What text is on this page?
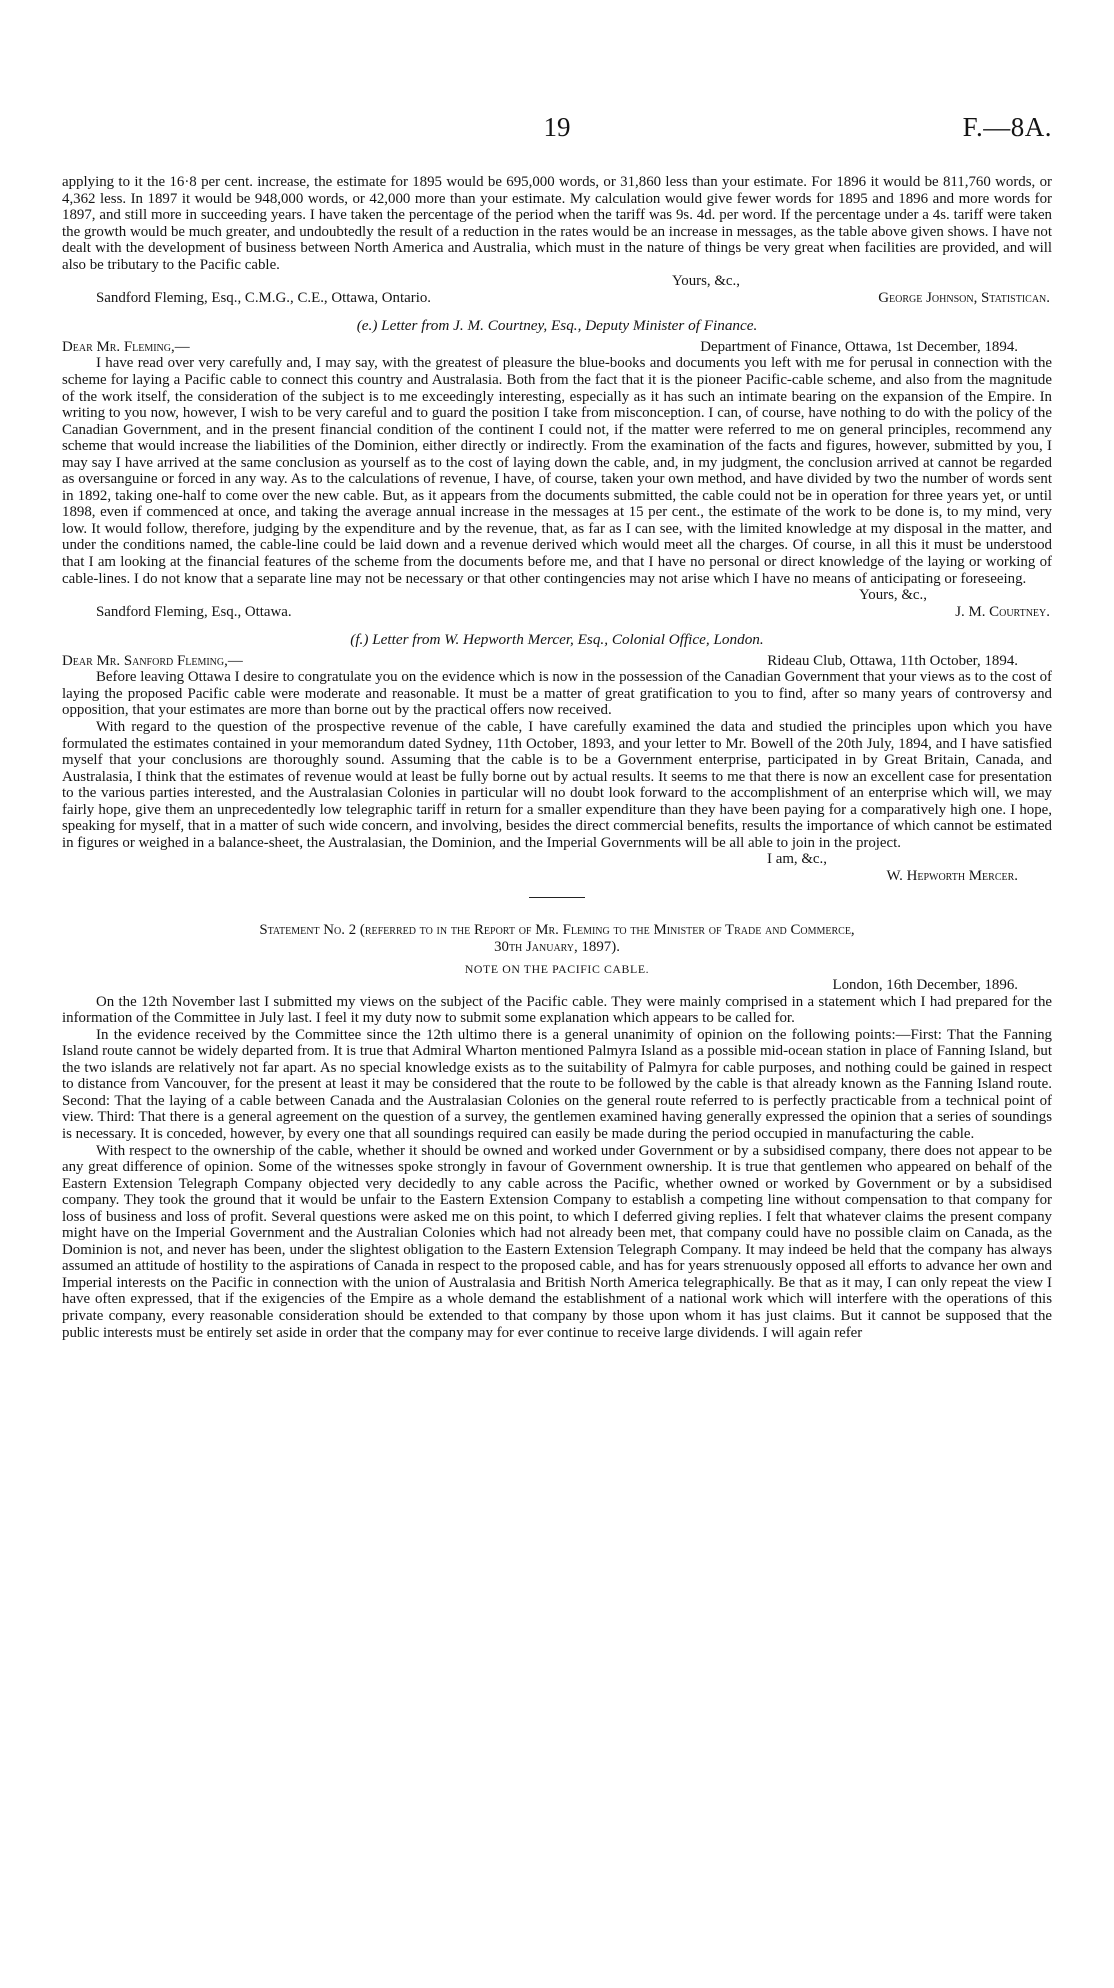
19	F.—8A.

applying to it the 16·8 per cent. increase, the estimate for 1895 would be 695,000 words, or 31,860 less than your estimate. For 1896 it would be 811,760 words, or 4,362 less. In 1897 it would be 948,000 words, or 42,000 more than your estimate. My calculation would give fewer words for 1895 and 1896 and more words for 1897, and still more in succeeding years. I have taken the percentage of the period when the tariff was 9s. 4d. per word. If the percentage under a 4s. tariff were taken the growth would be much greater, and undoubtedly the result of a reduction in the rates would be an increase in messages, as the table above given shows. I have not dealt with the development of business between North America and Australia, which must in the nature of things be very great when facilities are provided, and will also be tributary to the Pacific cable.

Yours, &c.,
Sandford Fleming, Esq., C.M.G., C.E., Ottawa, Ontario.	George Johnson, Statistican.
(e.) Letter from J. M. Courtney, Esq., Deputy Minister of Finance.
Dear Mr. Fleming,—	Department of Finance, Ottawa, 1st December, 1894.

I have read over very carefully and, I may say, with the greatest of pleasure the blue-books and documents you left with me for perusal in connection with the scheme for laying a Pacific cable to connect this country and Australasia. Both from the fact that it is the pioneer Pacific-cable scheme, and also from the magnitude of the work itself, the consideration of the subject is to me exceedingly interesting, especially as it has such an intimate bearing on the expansion of the Empire. In writing to you now, however, I wish to be very careful and to guard the position I take from misconception. I can, of course, have nothing to do with the policy of the Canadian Government, and in the present financial condition of the continent I could not, if the matter were referred to me on general principles, recommend any scheme that would increase the liabilities of the Dominion, either directly or indirectly. From the examination of the facts and figures, however, submitted by you, I may say I have arrived at the same conclusion as yourself as to the cost of laying down the cable, and, in my judgment, the conclusion arrived at cannot be regarded as oversanguine or forced in any way. As to the calculations of revenue, I have, of course, taken your own method, and have divided by two the number of words sent in 1892, taking one-half to come over the new cable. But, as it appears from the documents submitted, the cable could not be in operation for three years yet, or until 1898, even if commenced at once, and taking the average annual increase in the messages at 15 per cent., the estimate of the work to be done is, to my mind, very low. It would follow, therefore, judging by the expenditure and by the revenue, that, as far as I can see, with the limited knowledge at my disposal in the matter, and under the conditions named, the cable-line could be laid down and a revenue derived which would meet all the charges. Of course, in all this it must be understood that I am looking at the financial features of the scheme from the documents before me, and that I have no personal or direct knowledge of the laying or working of cable-lines. I do not know that a separate line may not be necessary or that other contingencies may not arise which I have no means of anticipating or foreseeing.

Yours, &c.,
Sandford Fleming, Esq., Ottawa.	J. M. Courtney.
(f.) Letter from W. Hepworth Mercer, Esq., Colonial Office, London.
Dear Mr. Sanford Fleming,—	Rideau Club, Ottawa, 11th October, 1894.

Before leaving Ottawa I desire to congratulate you on the evidence which is now in the possession of the Canadian Government that your views as to the cost of laying the proposed Pacific cable were moderate and reasonable. It must be a matter of great gratification to you to find, after so many years of controversy and opposition, that your estimates are more than borne out by the practical offers now received.

With regard to the question of the prospective revenue of the cable, I have carefully examined the data and studied the principles upon which you have formulated the estimates contained in your memorandum dated Sydney, 11th October, 1893, and your letter to Mr. Bowell of the 20th July, 1894, and I have satisfied myself that your conclusions are thoroughly sound. Assuming that the cable is to be a Government enterprise, participated in by Great Britain, Canada, and Australasia, I think that the estimates of revenue would at least be fully borne out by actual results. It seems to me that there is now an excellent case for presentation to the various parties interested, and the Australasian Colonies in particular will no doubt look forward to the accomplishment of an enterprise which will, we may fairly hope, give them an unprecedentedly low telegraphic tariff in return for a smaller expenditure than they have been paying for a comparatively high one. I hope, speaking for myself, that in a matter of such wide concern, and involving, besides the direct commercial benefits, results the importance of which cannot be estimated in figures or weighed in a balance-sheet, the Australasian, the Dominion, and the Imperial Governments will be all able to join in the project.

I am, &c.,
W. Hepworth Mercer.
Statement No. 2 (referred to in the Report of Mr. Fleming to the Minister of Trade and Commerce,
30th January, 1897).
NOTE ON THE PACIFIC CABLE.
London, 16th December, 1896.

On the 12th November last I submitted my views on the subject of the Pacific cable. They were mainly comprised in a statement which I had prepared for the information of the Committee in July last. I feel it my duty now to submit some explanation which appears to be called for.

In the evidence received by the Committee since the 12th ultimo there is a general unanimity of opinion on the following points:—First: That the Fanning Island route cannot be widely departed from. It is true that Admiral Wharton mentioned Palmyra Island as a possible mid-ocean station in place of Fanning Island, but the two islands are relatively not far apart. As no special knowledge exists as to the suitability of Palmyra for cable purposes, and nothing could be gained in respect to distance from Vancouver, for the present at least it may be considered that the route to be followed by the cable is that already known as the Fanning Island route. Second: That the laying of a cable between Canada and the Australasian Colonies on the general route referred to is perfectly practicable from a technical point of view. Third: That there is a general agreement on the question of a survey, the gentlemen examined having generally expressed the opinion that a series of soundings is necessary. It is conceded, however, by every one that all soundings required can easily be made during the period occupied in manufacturing the cable.

With respect to the ownership of the cable, whether it should be owned and worked under Government or by a subsidised company, there does not appear to be any great difference of opinion. Some of the witnesses spoke strongly in favour of Government ownership. It is true that gentlemen who appeared on behalf of the Eastern Extension Telegraph Company objected very decidedly to any cable across the Pacific, whether owned or worked by Government or by a subsidised company. They took the ground that it would be unfair to the Eastern Extension Company to establish a competing line without compensation to that company for loss of business and loss of profit. Several questions were asked me on this point, to which I deferred giving replies. I felt that whatever claims the present company might have on the Imperial Government and the Australian Colonies which had not already been met, that company could have no possible claim on Canada, as the Dominion is not, and never has been, under the slightest obligation to the Eastern Extension Telegraph Company. It may indeed be held that the company has always assumed an attitude of hostility to the aspirations of Canada in respect to the proposed cable, and has for years strenuously opposed all efforts to advance her own and Imperial interests on the Pacific in connection with the union of Australasia and British North America telegraphically. Be that as it may, I can only repeat the view I have often expressed, that if the exigencies of the Empire as a whole demand the establishment of a national work which will interfere with the operations of this private company, every reasonable consideration should be extended to that company by those upon whom it has just claims. But it cannot be supposed that the public interests must be entirely set aside in order that the company may for ever continue to receive large dividends. I will again refer
